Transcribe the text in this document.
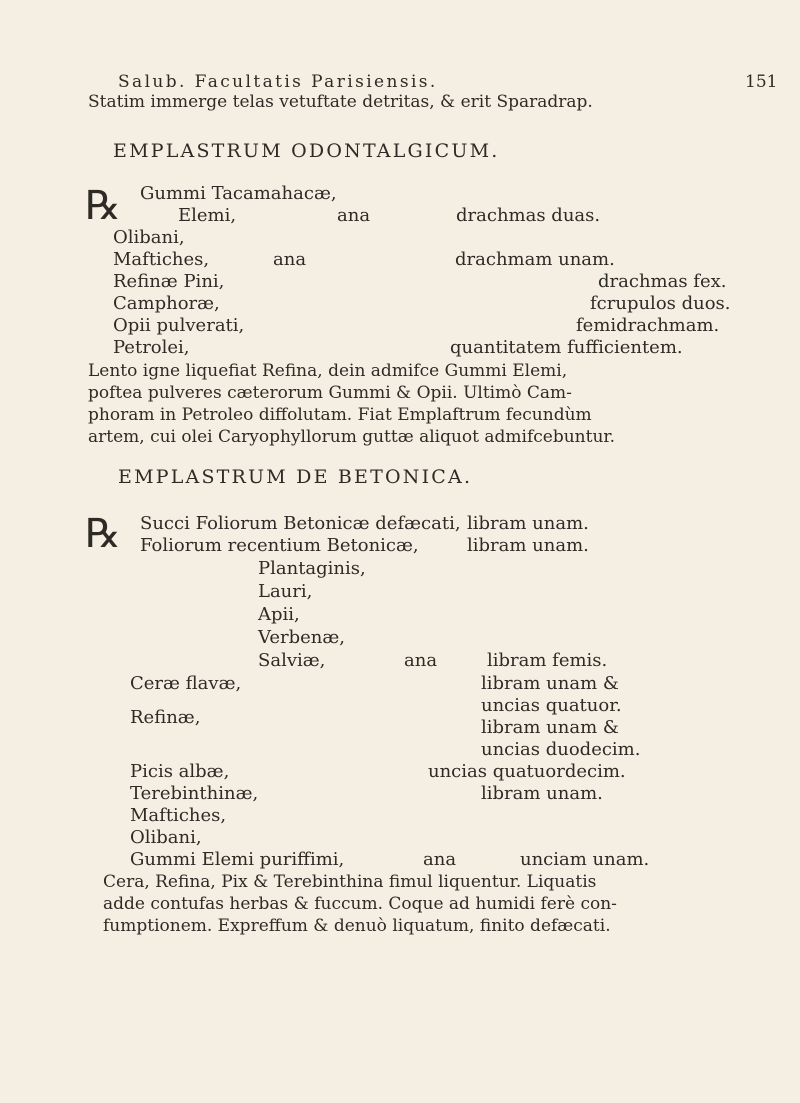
Salub. Facultatis Parisiensis.	151
Statim immerge telas vetuftate detritas, & erit Sparadrap.
EMPLASTRUM ODONTALGICUM.
℞ Gummi Tacamahacæ,
Elemi,	ana	drachmas duas.
Olibani,
Maftiches,	ana	drachmam unam.
Refinæ Pini,	drachmas fex.
Camphoræ,	fcrupulos duos.
Opii pulverati,	femidrachmam.
Petrolei,	quantitatem fufficientem.
Lento igne liquefiat Refina, dein admifce Gummi Elemi,
poftea pulveres cæterorum Gummi & Opii. Ultimò Cam-
phoram in Petroleo diffolutam. Fiat Emplaftrum fecundùm
artem, cui olei Caryophyllorum guttæ aliquot admifcebuntur.
EMPLASTRUM DE BETONICA.
℞ Succi Foliorum Betonicæ defæcati, libram unam.
Foliorum recentium Betonicæ,	libram unam.
Plantaginis,
Lauri,
Apii,
Verbenæ,
Salviæ,	ana	libram femis.
Ceræ flavæ,	libram unam &
uncias quatuor.
Refinæ,	libram unam &
uncias duodecim.
Picis albæ,	uncias quatuordecim.
Terebinthinæ,	libram unam.
Maftiches,
Olibani,
Gummi Elemi puriffimi,	ana	unciam unam.
Cera, Refina, Pix & Terebinthina fimul liquentur. Liquatis
adde contufas herbas & fuccum. Coque ad humidi ferè con-
fumptionem. Expreffum & denuò liquatum, finito defæcati.
